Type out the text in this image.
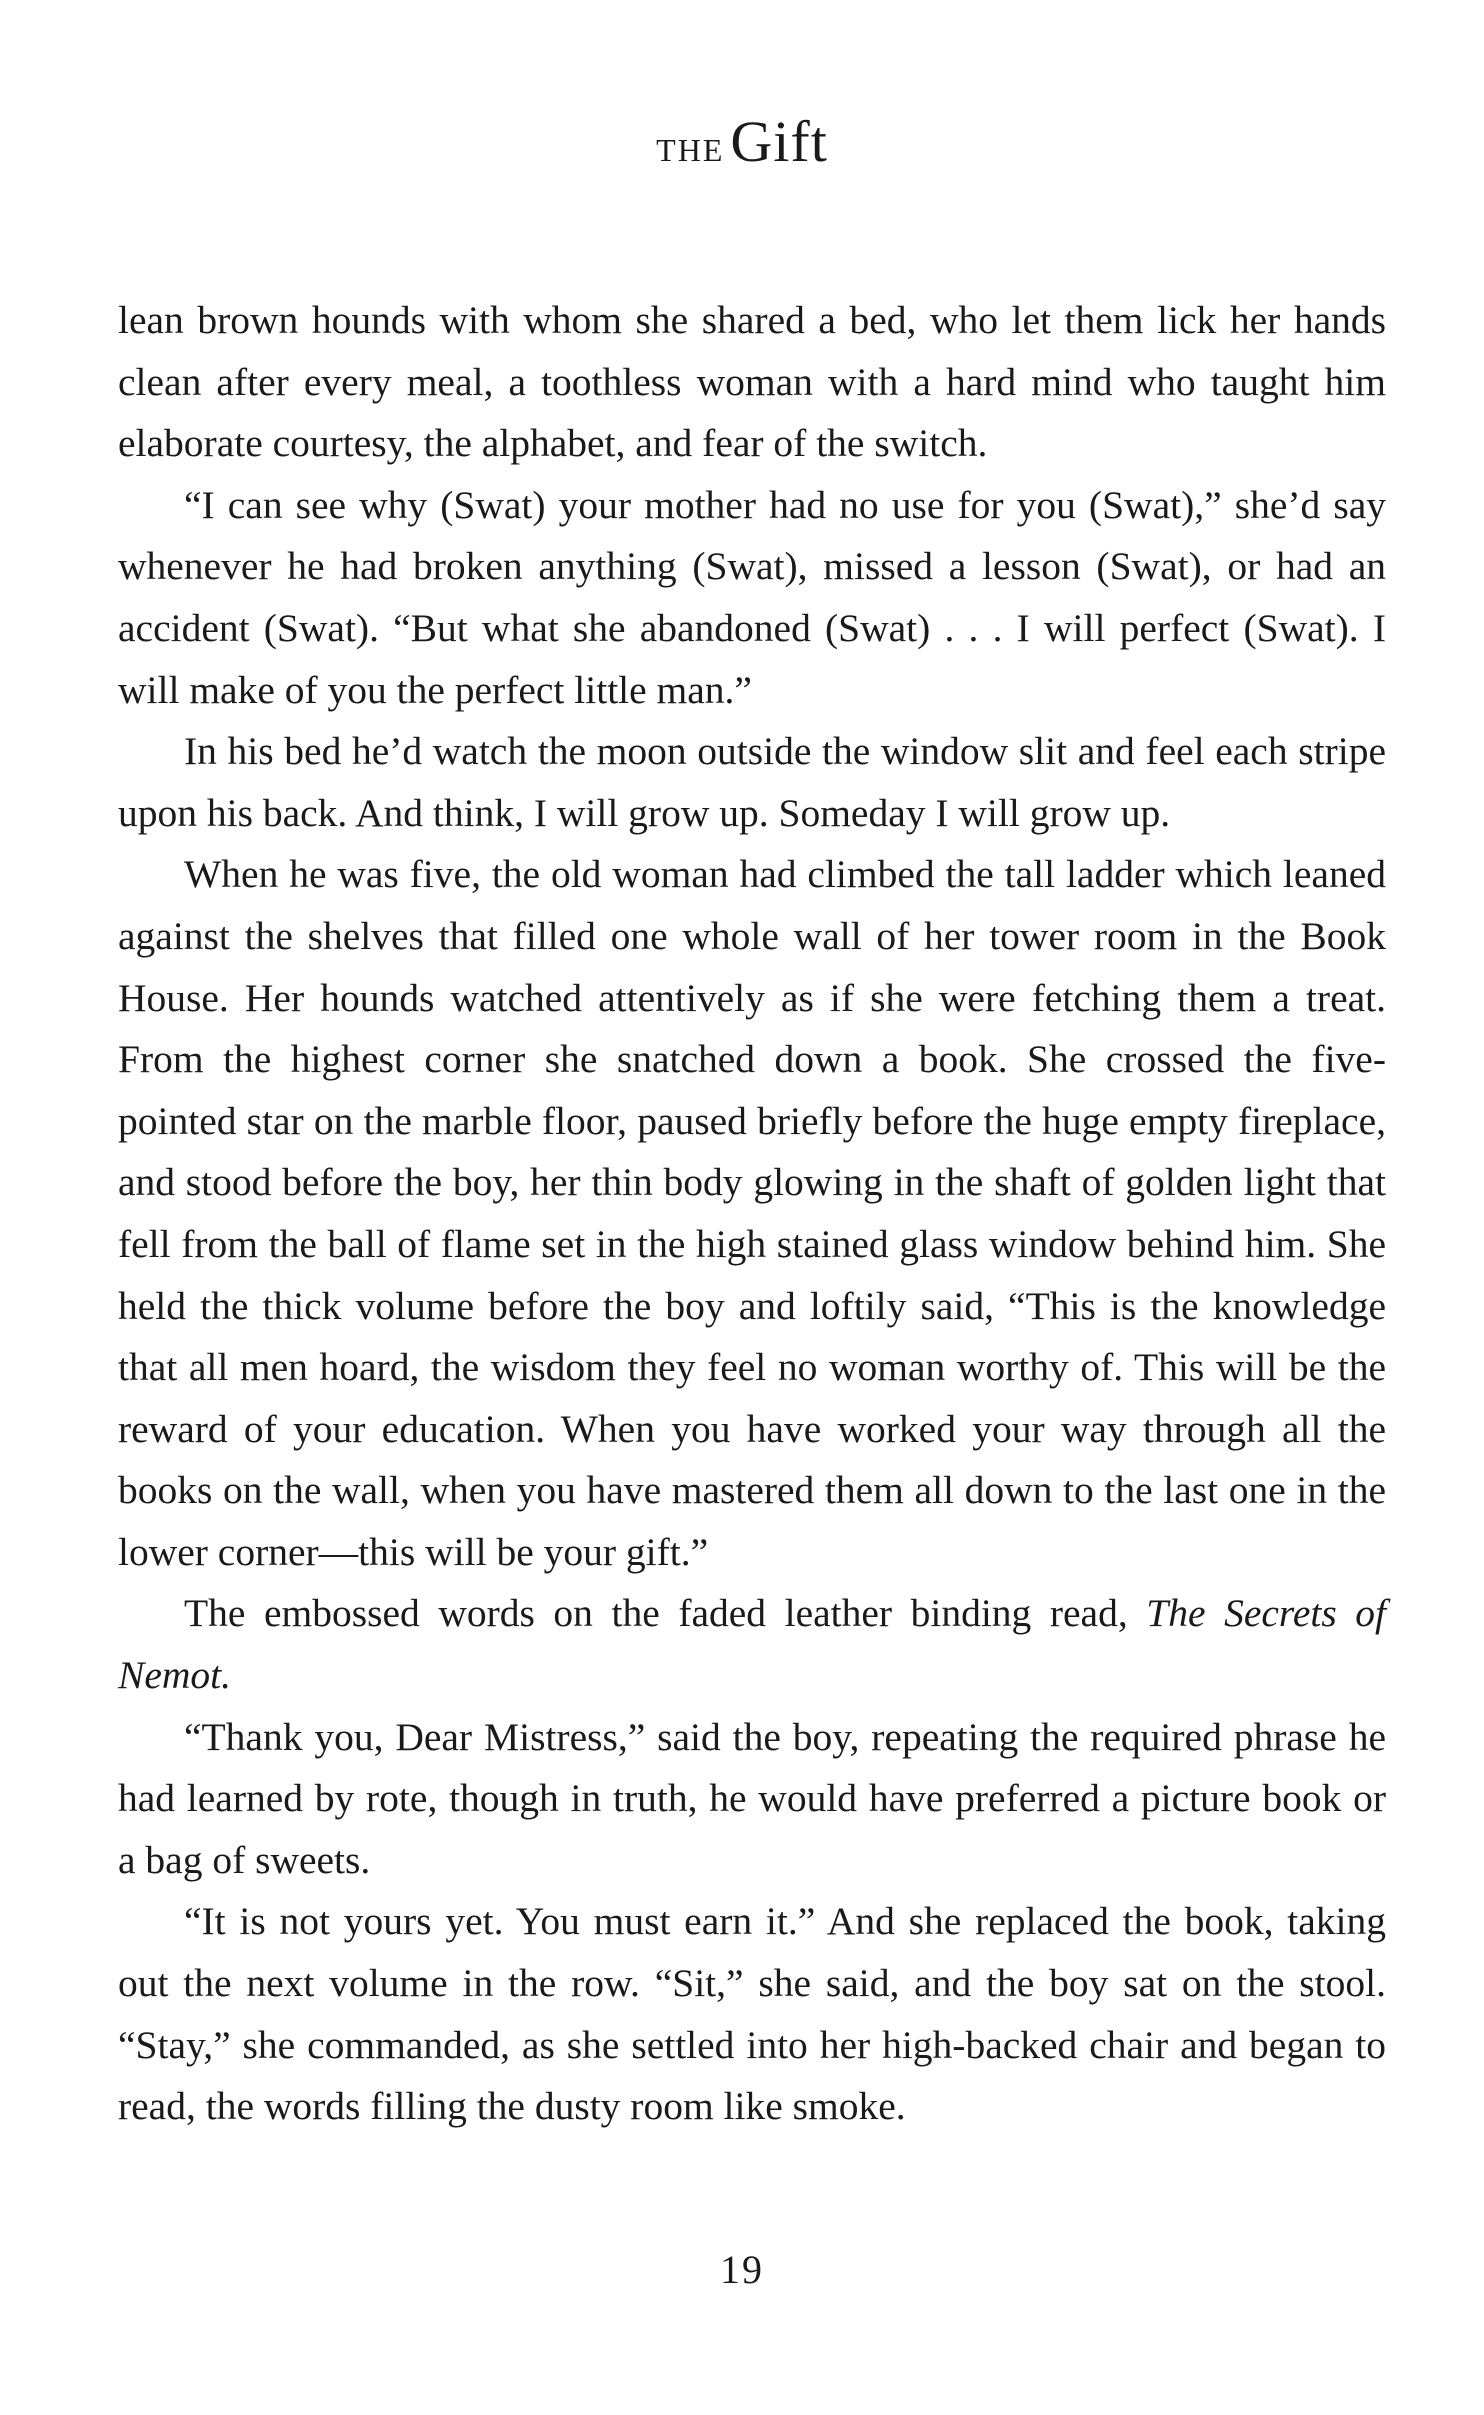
THE Gift

lean brown hounds with whom she shared a bed, who let them lick her hands clean after every meal, a toothless woman with a hard mind who taught him elaborate courtesy, the alphabet, and fear of the switch.

“I can see why (Swat) your mother had no use for you (Swat),” she’d say whenever he had broken anything (Swat), missed a lesson (Swat), or had an accident (Swat). “But what she abandoned (Swat) . . . I will perfect (Swat). I will make of you the perfect little man.”

In his bed he’d watch the moon outside the window slit and feel each stripe upon his back. And think, I will grow up. Someday I will grow up.

When he was five, the old woman had climbed the tall ladder which leaned against the shelves that filled one whole wall of her tower room in the Book House. Her hounds watched attentively as if she were fetching them a treat. From the highest corner she snatched down a book. She crossed the five-pointed star on the marble floor, paused briefly before the huge empty fireplace, and stood before the boy, her thin body glowing in the shaft of golden light that fell from the ball of flame set in the high stained glass window behind him. She held the thick volume before the boy and loftily said, “This is the knowledge that all men hoard, the wisdom they feel no woman worthy of. This will be the reward of your education. When you have worked your way through all the books on the wall, when you have mastered them all down to the last one in the lower corner—this will be your gift.”

The embossed words on the faded leather binding read, The Secrets of Nemot.

“Thank you, Dear Mistress,” said the boy, repeating the required phrase he had learned by rote, though in truth, he would have preferred a picture book or a bag of sweets.

“It is not yours yet. You must earn it.” And she replaced the book, taking out the next volume in the row. “Sit,” she said, and the boy sat on the stool. “Stay,” she commanded, as she settled into her high-backed chair and began to read, the words filling the dusty room like smoke.

19
